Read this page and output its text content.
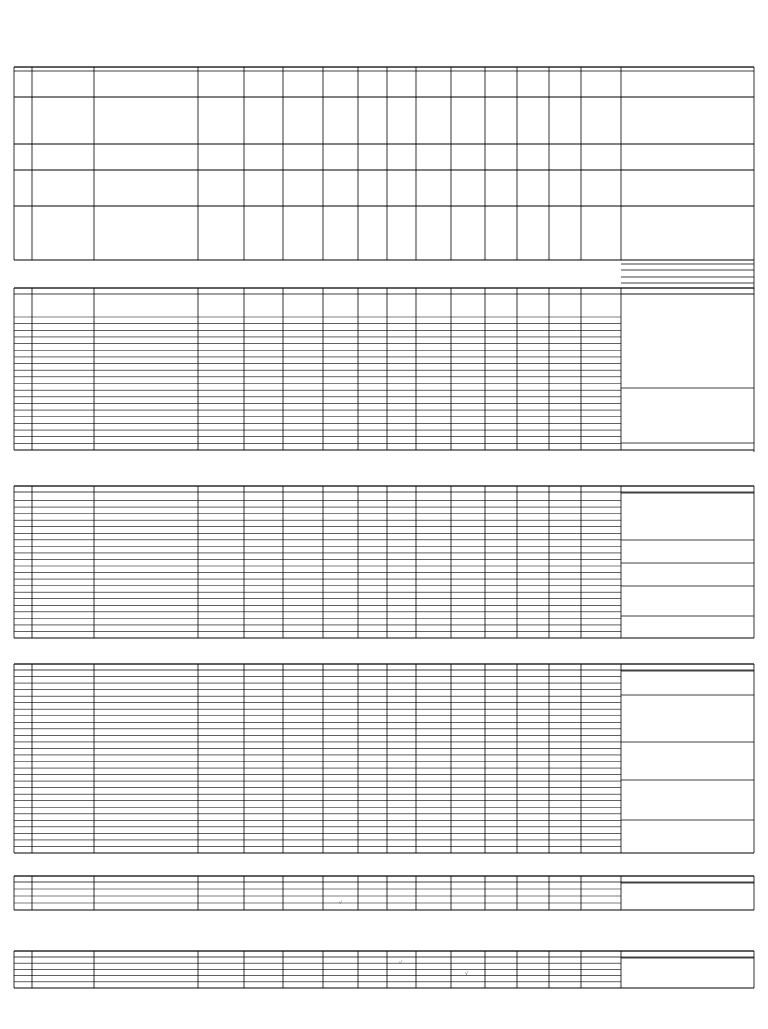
√
√
√
